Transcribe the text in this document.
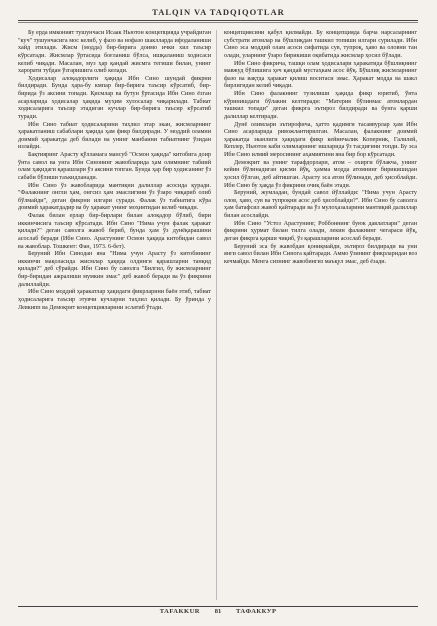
TALQIN VA TADQIQOTLAR

Бу ерда имконият тушунчаси Исаак Ньютон кoнцепцияда учрайдиган "куч" тушунчасига мос келиб, у фазо ва нофазо шаклларда ифодаланиши хайд этилади. Жисм (модда) бир-бирига доимо ички хил таъсир кўрсатади. Жисмлар ўртасида боғланиш бўлса, ишқаланиш ходисаси келиб чиқади. Масалан, муз ҳар қандай жисмга тегиши билан, унинг харорати тубдан ўзгаришига олиб келади.

Ҳодисалар алоқадорлиги ҳақида Ибн Сино шундай фикрни билдиради. Бунда ҳара-бу кмпар бир-бирига таъсир кўрсатиб, бир-бирида ўз аксини топади. Қисмлар ва бутун ўртасида Ибн Сино ёзган асарларида ҳодисалар ҳақида муҳим хулосалар чиқарилади. Табиат ходисаларига таъсир этадиган кучлар бир-бирига таъсир кўрсатиб туради.

Ибн Сино табиат ҳодисаларини таҳлил этар экан, жисмларнинг ҳаракатланиш сабаблари ҳақида ҳам фикр билдиради. У моддий оламни доимий ҳаракатда деб билади ва унинг манбаини табиатнинг ўзидан излайди.

Бақтияринг Арасту қўлламага мансуб "Осмон ҳақида" китобига доир ўнта савол ва унга Ибн Синонинг жавобларида ҳам олимнинг табиий олам ҳақидаги қарашлари ўз аксини топган. Бунда ҳар бир ҳодисанинг ўз сабаби бўлиши таъкидланади.

Ибн Сино ўз жавобларида мантиқни далиллар асосида қуради. "Фалакнинг онгли ҳам, онгсиз ҳам эмаслигини ўз ўзаро чиқариб олиб бўлмайди", деган фикрни илгари суради. Фалак ўз табиатига кўра доимий ҳаракатдадир ва бу ҳаракат унинг моҳиятидан келиб чиқади.

Фалак билан ерлар бир-бирлари билан алоқадор бўлиб, бири иккинчисига таъсир кўрсатади. Ибн Сино "Нима учун фалак ҳаракат қилади?" деган саволга жавоб бериб, бунда ҳам ўз дунёқарашини асослаб беради (Ибн Сино. Арастунинг Осмон ҳақида китобидан савол ва жавоблар. Тошкент: Фан, 1973. 6-бет).

Беруний Ибн Синодан яна "Нима учун Арасту ўз китобининг иккинчи мақоласида жисмлар ҳақида олдинги қарашларни танқид қилади?" деб сўрайди. Ибн Сино бу саволга "Билгил, бу жисмларнинг бир-биридан ажралиши мумкин эмас" деб жавоб беради ва ўз фикрини далиллайди.

Ибн Сино моддий ҳаракатлар ҳақидаги фикрларини баён этиб, табиат ҳодисаларига таъсир этувчи кучларни таҳлил қилади. Бу ўринда у Левкипп ва Демокрит концепцияларини эслатиб ўтади.

концепциясини қабул қилмайди. Бу концепцияда барча нарсаларнинг субстрати атомлар ва бўшлиқдан ташкил топиши илгари сурилади. Ибн Сино эса моддий олам асоси сифатида сув, тупроқ, ҳаво ва оловни тан олади, уларнинг ўзаро бирикиши оқибатида жисмлар ҳосил бўлади.

Ибн Сино фикрича, ташқи олам ҳодисалари ҳаракатида бўшлиқнинг мавжуд бўлишига ҳеч қандай мустаҳкам асос йўқ. Бўшлиқ жисмларнинг фазо ва вақтда ҳаракат қилиш воситаси эмас. Ҳаракат модда ва шакл бирлигидан келиб чиқади.

Ибн Сино фалакнинг тузилиши ҳақида фикр юритиб, ўнта кўринишдаги бўлакни келтиради: "Материя бўлинмас атомлардан ташкил топади" деган фикрга эътироз билдиради ва бунга қарши далиллар келтиради.

Дунё олимлари эътирофича, ҳатто қадимги тасаввурлар ҳам Ибн Сино асарларида ривожлантирилган. Масалан, фалакнинг доимий ҳаракатда эканлиги ҳақидаги фикр кейинчалик Коперник, Галилей, Кеплер, Ньютон каби олимларнинг ишларида ўз тасдиғини топди. Бу эса Ибн Сино илмий меросининг аҳамиятини яна бир бор кўрсатади.

Демокрит ва унинг тарафдорлари, атом – охирги бўлакча, унинг кейин бўлинадиган қисми йўқ, ҳамма модда атомнинг бирикишидан ҳосил бўлган, деб айтишган. Арасту эса атом бўлинади, деб ҳисоблайди. Ибн Сино бу ҳақда ўз фикрини очиқ баён этади.

Беруний, жумладан, бундай савол йўллайди: "Нима учун Арасту олов, ҳаво, сув ва тупроқни асос деб ҳисоблайди?". Ибн Сино бу саволга ҳам батафсил жавоб қайтаради ва ўз мулоҳазаларини мантиқий далиллар билан асослайди.

Ибн Сино "Устоз Арастунинг, Роббоннинг буюк давлатлари" деган фикрини ҳурмат билан тилга олади, лекин фалакнинг чегараси йўқ, деган фикрга қарши чиқиб, ўз қарашларини асослаб беради.

Беруний эса бу жавобдан қониқмайди, эътироз билдиради ва уни янги савол билан Ибн Синога қайтаради. Аммо ўзининг фикрларидан воз кечмайди. Менга сизнинг жавобингиз маъқул эмас, деб ёзади.

TAFAKKUR	81	TAФАККУР
